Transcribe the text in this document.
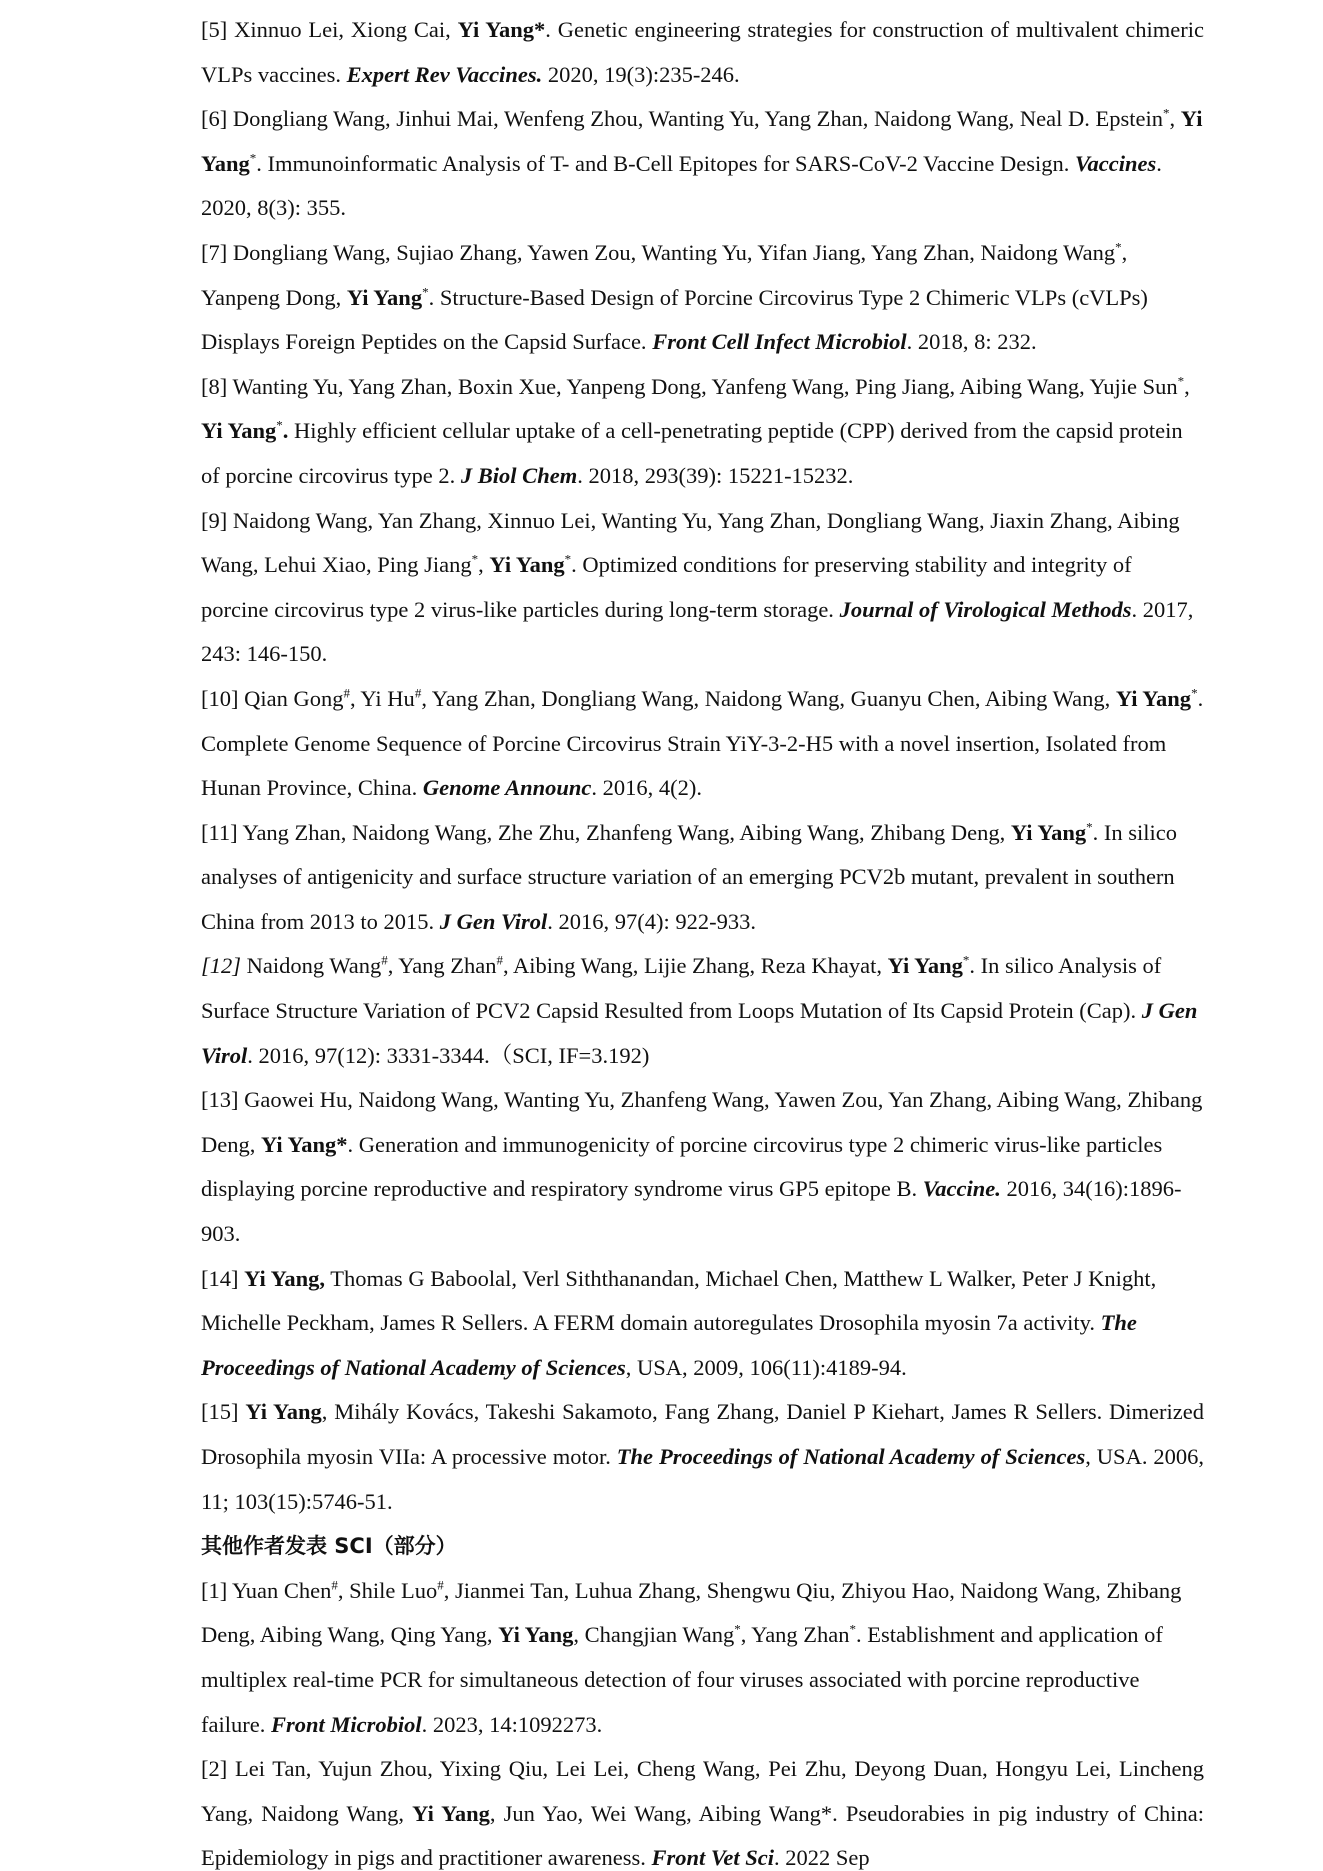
[5] Xinnuo Lei, Xiong Cai, Yi Yang*. Genetic engineering strategies for construction of multivalent chimeric VLPs vaccines. Expert Rev Vaccines. 2020, 19(3):235-246.

[6] Dongliang Wang, Jinhui Mai, Wenfeng Zhou, Wanting Yu, Yang Zhan, Naidong Wang, Neal D. Epstein*, Yi Yang*. Immunoinformatic Analysis of T- and B-Cell Epitopes for SARS-CoV-2 Vaccine Design. Vaccines. 2020, 8(3): 355.

[7] Dongliang Wang, Sujiao Zhang, Yawen Zou, Wanting Yu, Yifan Jiang, Yang Zhan, Naidong Wang*, Yanpeng Dong, Yi Yang*. Structure-Based Design of Porcine Circovirus Type 2 Chimeric VLPs (cVLPs) Displays Foreign Peptides on the Capsid Surface. Front Cell Infect Microbiol. 2018, 8: 232.

[8] Wanting Yu, Yang Zhan, Boxin Xue, Yanpeng Dong, Yanfeng Wang, Ping Jiang, Aibing Wang, Yujie Sun*, Yi Yang*. Highly efficient cellular uptake of a cell-penetrating peptide (CPP) derived from the capsid protein of porcine circovirus type 2. J Biol Chem. 2018, 293(39): 15221-15232.

[9] Naidong Wang, Yan Zhang, Xinnuo Lei, Wanting Yu, Yang Zhan, Dongliang Wang, Jiaxin Zhang, Aibing Wang, Lehui Xiao, Ping Jiang*, Yi Yang*. Optimized conditions for preserving stability and integrity of porcine circovirus type 2 virus-like particles during long-term storage. Journal of Virological Methods. 2017, 243: 146-150.

[10] Qian Gong#, Yi Hu#, Yang Zhan, Dongliang Wang, Naidong Wang, Guanyu Chen, Aibing Wang, Yi Yang*. Complete Genome Sequence of Porcine Circovirus Strain YiY-3-2-H5 with a novel insertion, Isolated from Hunan Province, China. Genome Announc. 2016, 4(2).

[11] Yang Zhan, Naidong Wang, Zhe Zhu, Zhanfeng Wang, Aibing Wang, Zhibang Deng, Yi Yang*. In silico analyses of antigenicity and surface structure variation of an emerging PCV2b mutant, prevalent in southern China from 2013 to 2015. J Gen Virol. 2016, 97(4): 922-933.

[12] Naidong Wang#, Yang Zhan#, Aibing Wang, Lijie Zhang, Reza Khayat, Yi Yang*. In silico Analysis of Surface Structure Variation of PCV2 Capsid Resulted from Loops Mutation of Its Capsid Protein (Cap). J Gen Virol. 2016, 97(12): 3331-3344.（SCI, IF=3.192)

[13] Gaowei Hu, Naidong Wang, Wanting Yu, Zhanfeng Wang, Yawen Zou, Yan Zhang, Aibing Wang, Zhibang Deng, Yi Yang*. Generation and immunogenicity of porcine circovirus type 2 chimeric virus-like particles displaying porcine reproductive and respiratory syndrome virus GP5 epitope B. Vaccine. 2016, 34(16):1896-903.

[14] Yi Yang, Thomas G Baboolal, Verl Siththanandan, Michael Chen, Matthew L Walker, Peter J Knight, Michelle Peckham, James R Sellers. A FERM domain autoregulates Drosophila myosin 7a activity. The Proceedings of National Academy of Sciences, USA, 2009, 106(11):4189-94.

[15] Yi Yang, Mihály Kovács, Takeshi Sakamoto, Fang Zhang, Daniel P Kiehart, James R Sellers. Dimerized Drosophila myosin VIIa: A processive motor. The Proceedings of National Academy of Sciences, USA. 2006, 11; 103(15):5746-51.

其他作者发表 SCI（部分）

[1] Yuan Chen#, Shile Luo#, Jianmei Tan, Luhua Zhang, Shengwu Qiu, Zhiyou Hao, Naidong Wang, Zhibang Deng, Aibing Wang, Qing Yang, Yi Yang, Changjian Wang*, Yang Zhan*. Establishment and application of multiplex real-time PCR for simultaneous detection of four viruses associated with porcine reproductive failure. Front Microbiol. 2023, 14:1092273.

[2] Lei Tan, Yujun Zhou, Yixing Qiu, Lei Lei, Cheng Wang, Pei Zhu, Deyong Duan, Hongyu Lei, Lincheng Yang, Naidong Wang, Yi Yang, Jun Yao, Wei Wang, Aibing Wang*. Pseudorabies in pig industry of China: Epidemiology in pigs and practitioner awareness. Front Vet Sci. 2022 Sep
